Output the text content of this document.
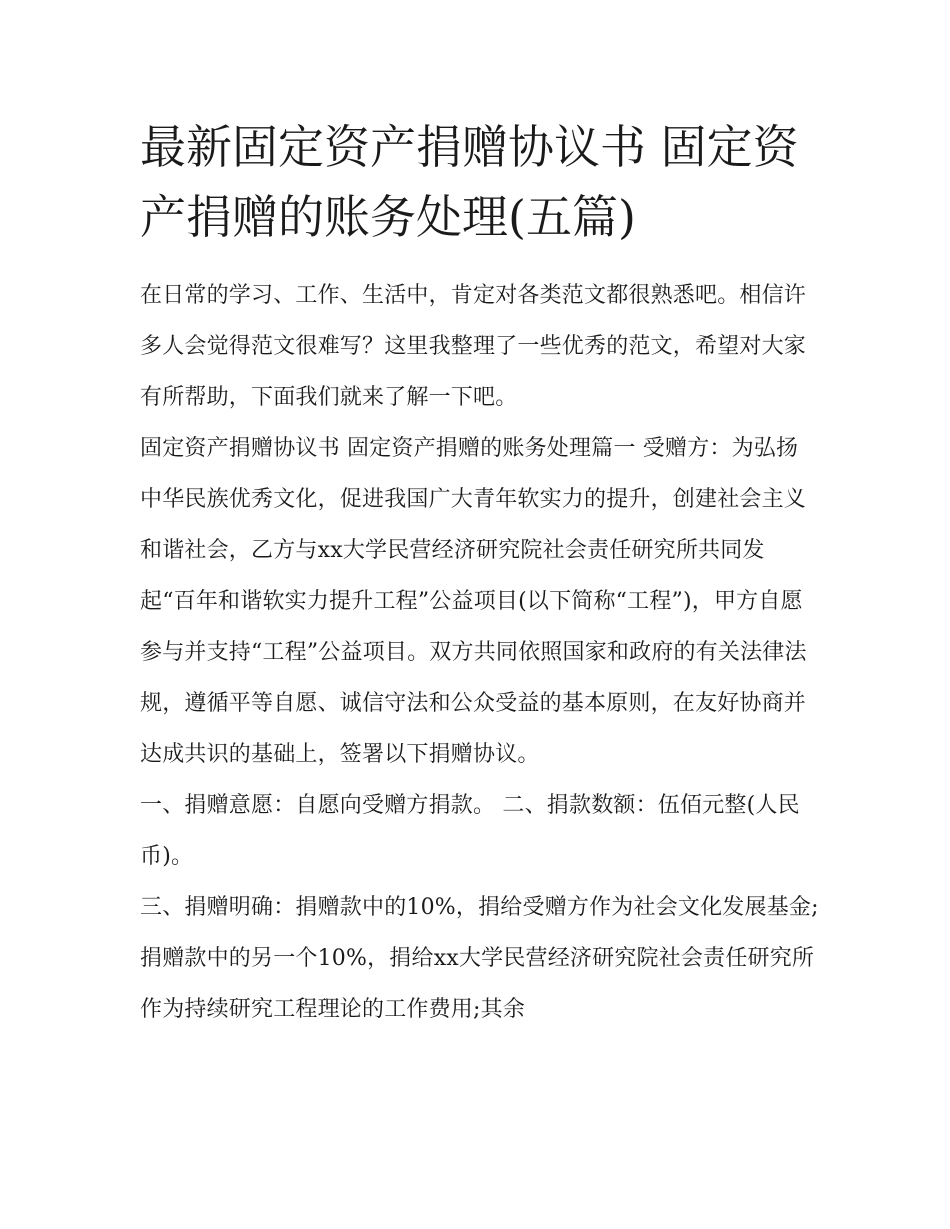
最新固定资产捐赠协议书 固定资产捐赠的账务处理(五篇)

在日常的学习、工作、生活中，肯定对各类范文都很熟悉吧。相信许多人会觉得范文很难写？这里我整理了一些优秀的范文，希望对大家有所帮助，下面我们就来了解一下吧。

固定资产捐赠协议书 固定资产捐赠的账务处理篇一 受赠方：为弘扬中华民族优秀文化，促进我国广大青年软实力的提升，创建社会主义和谐社会，乙方与xx大学民营经济研究院社会责任研究所共同发起“百年和谐软实力提升工程”公益项目(以下简称“工程”)，甲方自愿参与并支持“工程”公益项目。双方共同依照国家和政府的有关法律法规，遵循平等自愿、诚信守法和公众受益的基本原则，在友好协商并达成共识的基础上，签署以下捐赠协议。

一、捐赠意愿：自愿向受赠方捐款。 二、捐款数额：伍佰元整(人民币)。

三、捐赠明确：捐赠款中的10%，捐给受赠方作为社会文化发展基金;捐赠款中的另一个10%，捐给xx大学民营经济研究院社会责任研究所作为持续研究工程理论的工作费用;其余
